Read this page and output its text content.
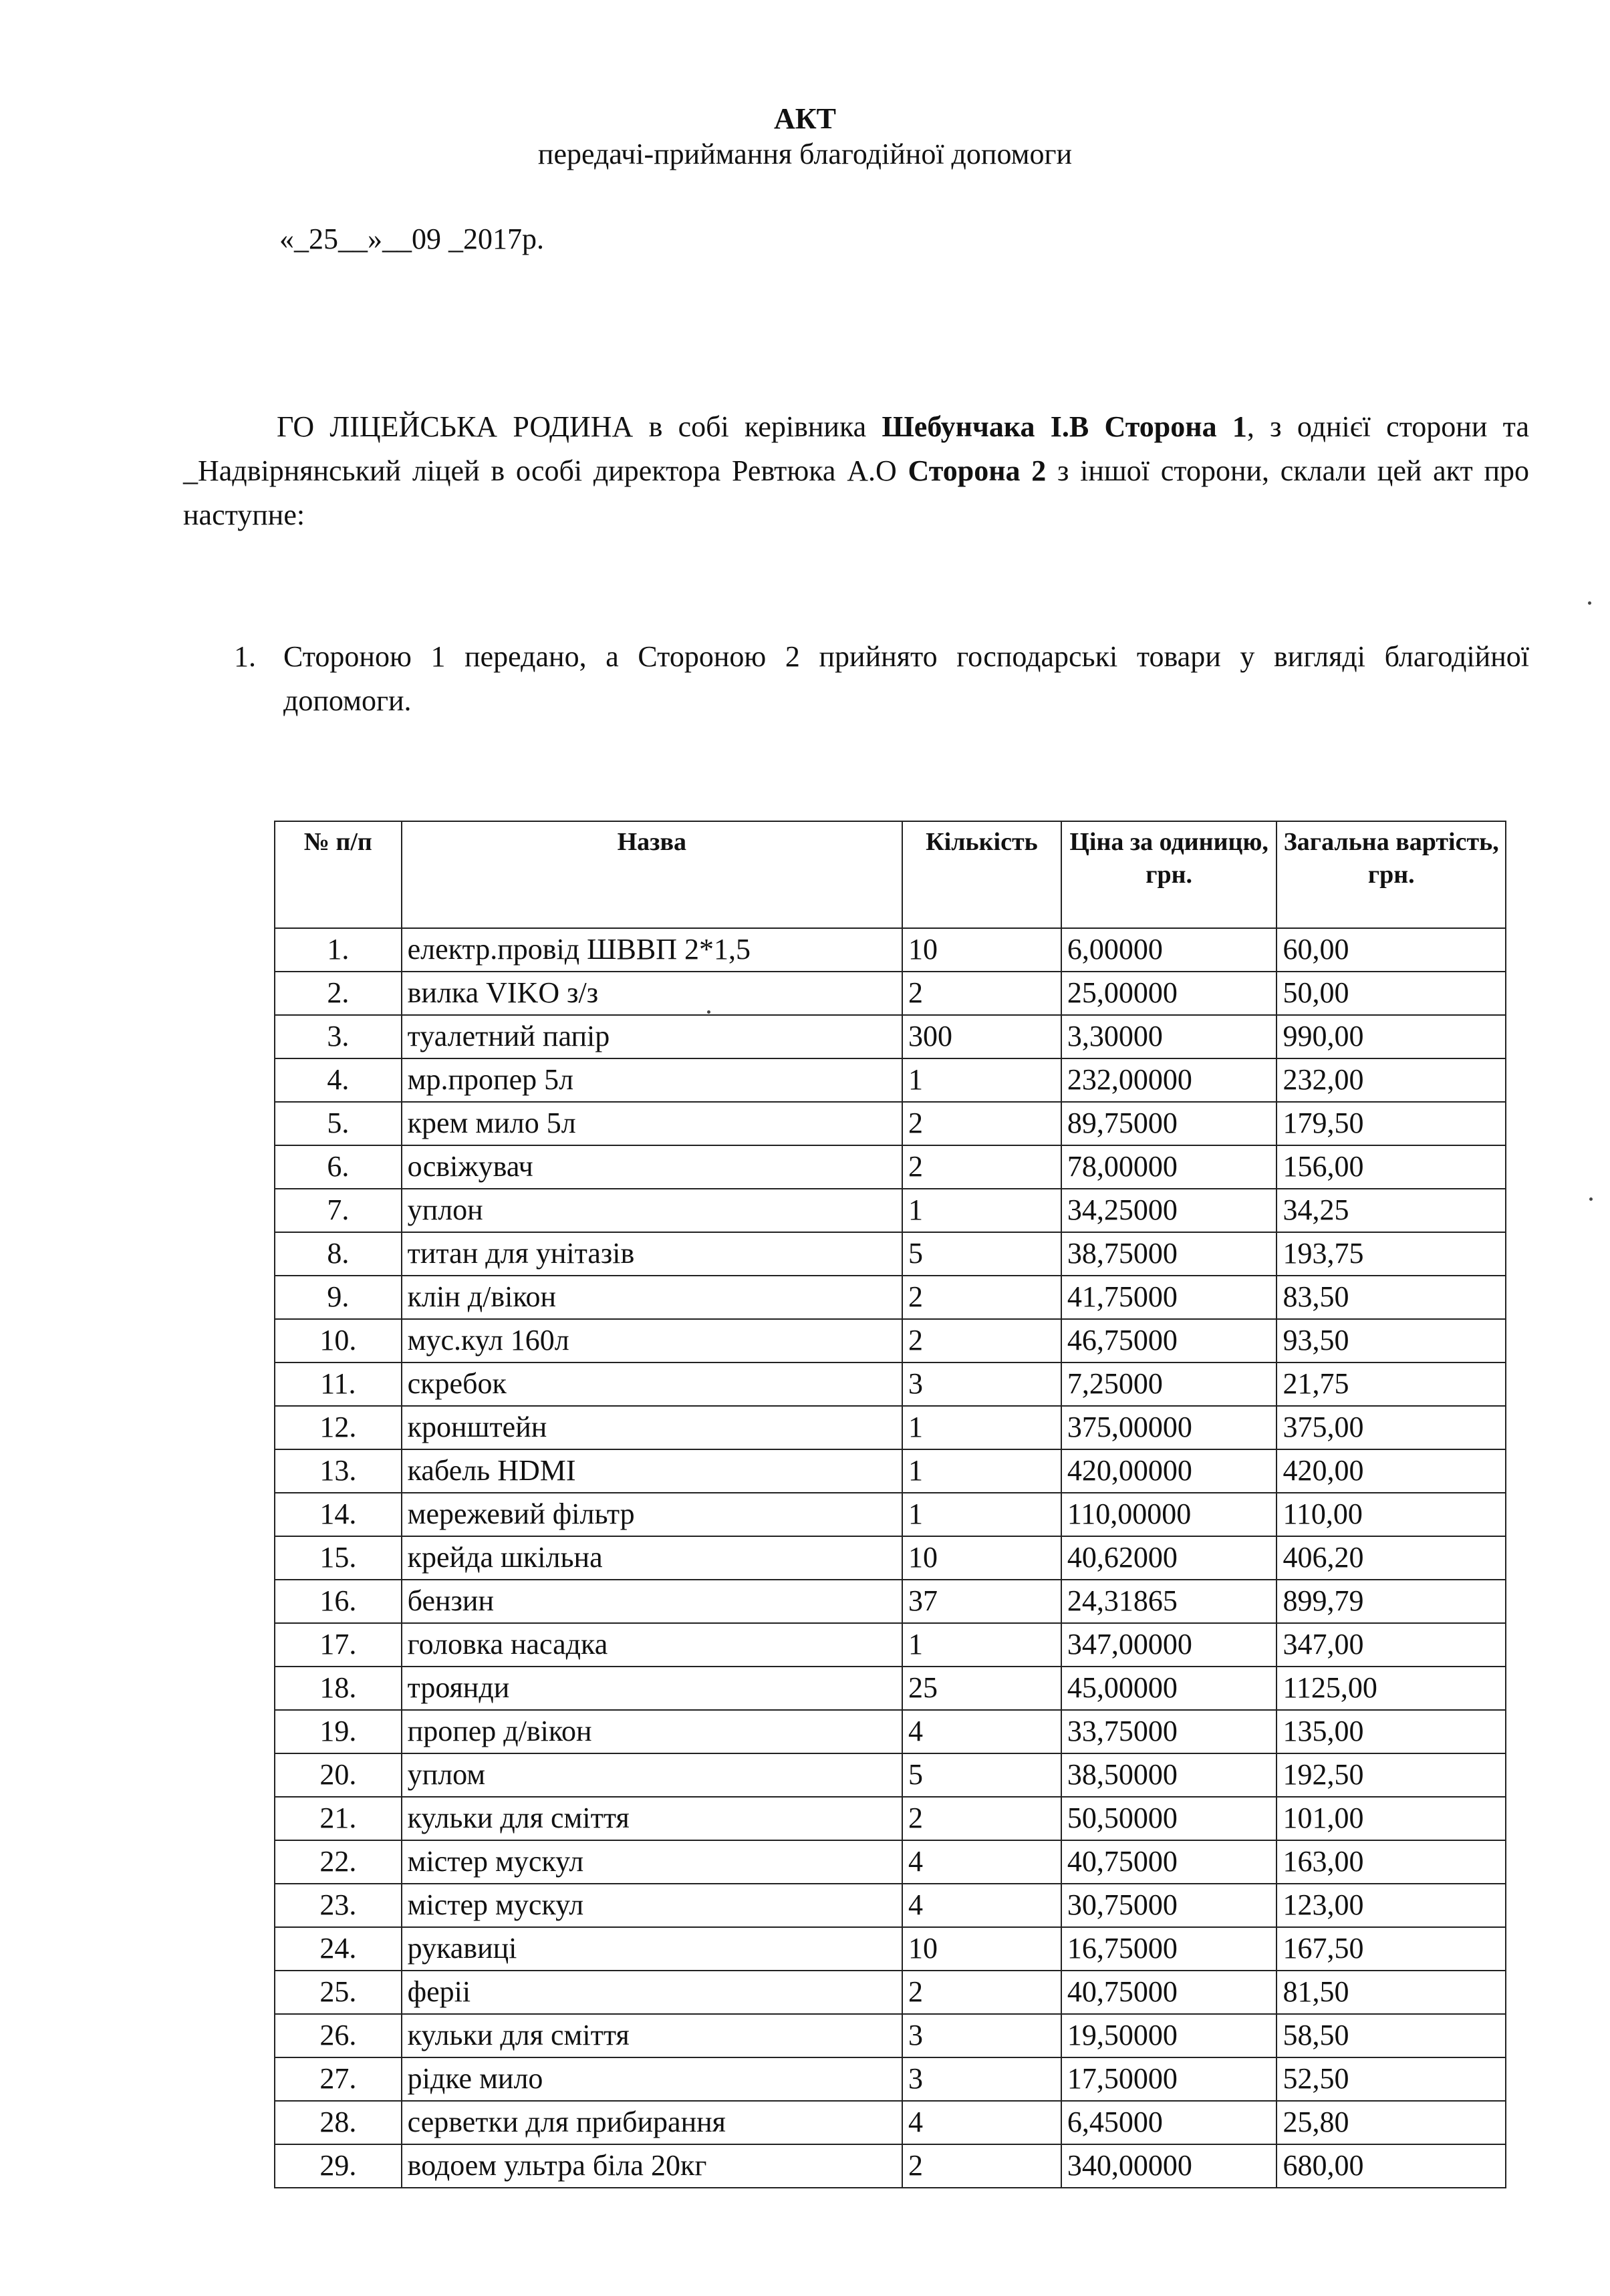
АКТ
передачі-приймання благодійної допомоги
«_25__»__09 _2017р.
ГО ЛІЦЕЙСЬКА РОДИНА в собі керівника Шебунчака І.В Сторона 1, з однієї сторони та _Надвірнянський ліцей в особі директора Ревтюка А.О Сторона 2 з іншої сторони, склали цей акт про наступне:
1. Стороною 1 передано, а Стороною 2 прийнято господарські товари у вигляді благодійної допомоги.
№ п/п	Назва	Кількість	Ціна за одиницю, грн.	Загальна вартість, грн.
1.	електр.провід ШВВП 2*1,5	10	6,00000	60,00
2.	вилка VIKO з/з	2	25,00000	50,00
3.	туалетний папір	300	3,30000	990,00
4.	мр.пропер 5л	1	232,00000	232,00
5.	крем мило 5л	2	89,75000	179,50
6.	освіжувач	2	78,00000	156,00
7.	уплон	1	34,25000	34,25
8.	титан для унітазів	5	38,75000	193,75
9.	клін д/вікон	2	41,75000	83,50
10.	мус.кул 160л	2	46,75000	93,50
11.	скребок	3	7,25000	21,75
12.	кронштейн	1	375,00000	375,00
13.	кабель HDMI	1	420,00000	420,00
14.	мережевий фільтр	1	110,00000	110,00
15.	крейда шкільна	10	40,62000	406,20
16.	бензин	37	24,31865	899,79
17.	головка насадка	1	347,00000	347,00
18.	троянди	25	45,00000	1125,00
19.	пропер д/вікон	4	33,75000	135,00
20.	уплом	5	38,50000	192,50
21.	кульки для сміття	2	50,50000	101,00
22.	містер мускул	4	40,75000	163,00
23.	містер мускул	4	30,75000	123,00
24.	рукавиці	10	16,75000	167,50
25.	феріі	2	40,75000	81,50
26.	кульки для сміття	3	19,50000	58,50
27.	рідке мило	3	17,50000	52,50
28.	серветки для прибирання	4	6,45000	25,80
29.	водоем ультра біла 20кг	2	340,00000	680,00
